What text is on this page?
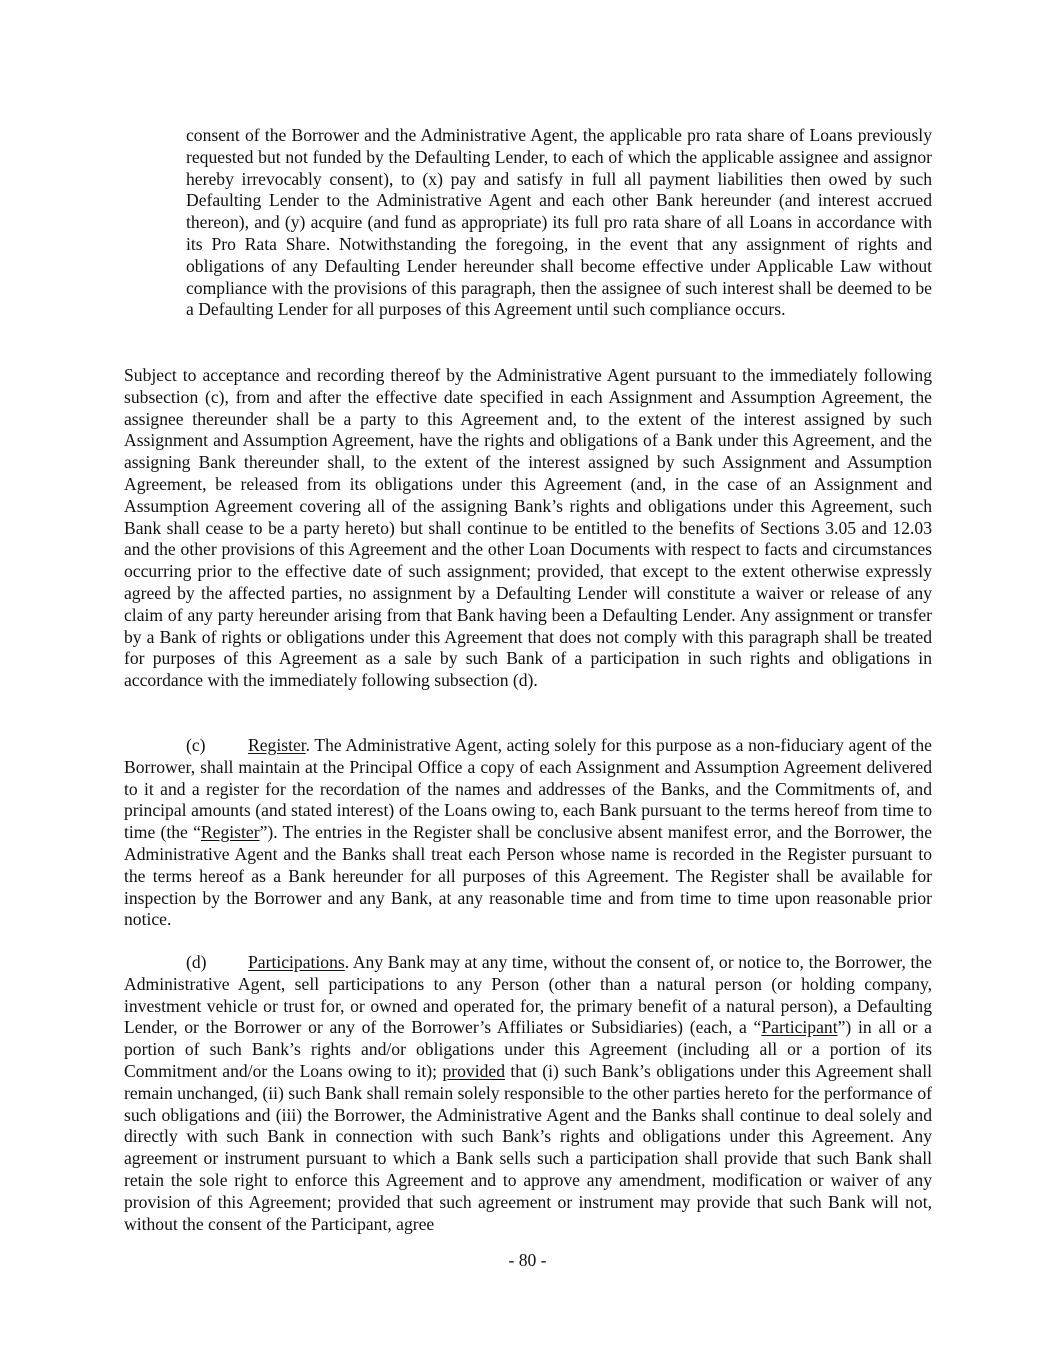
consent of the Borrower and the Administrative Agent, the applicable pro rata share of Loans previously requested but not funded by the Defaulting Lender, to each of which the applicable assignee and assignor hereby irrevocably consent), to (x) pay and satisfy in full all payment liabilities then owed by such Defaulting Lender to the Administrative Agent and each other Bank hereunder (and interest accrued thereon), and (y) acquire (and fund as appropriate) its full pro rata share of all Loans in accordance with its Pro Rata Share. Notwithstanding the foregoing, in the event that any assignment of rights and obligations of any Defaulting Lender hereunder shall become effective under Applicable Law without compliance with the provisions of this paragraph, then the assignee of such interest shall be deemed to be a Defaulting Lender for all purposes of this Agreement until such compliance occurs.

Subject to acceptance and recording thereof by the Administrative Agent pursuant to the immediately following subsection (c), from and after the effective date specified in each Assignment and Assumption Agreement, the assignee thereunder shall be a party to this Agreement and, to the extent of the interest assigned by such Assignment and Assumption Agreement, have the rights and obligations of a Bank under this Agreement, and the assigning Bank thereunder shall, to the extent of the interest assigned by such Assignment and Assumption Agreement, be released from its obligations under this Agreement (and, in the case of an Assignment and Assumption Agreement covering all of the assigning Bank’s rights and obligations under this Agreement, such Bank shall cease to be a party hereto) but shall continue to be entitled to the benefits of Sections 3.05 and 12.03 and the other provisions of this Agreement and the other Loan Documents with respect to facts and circumstances occurring prior to the effective date of such assignment; provided, that except to the extent otherwise expressly agreed by the affected parties, no assignment by a Defaulting Lender will constitute a waiver or release of any claim of any party hereunder arising from that Bank having been a Defaulting Lender. Any assignment or transfer by a Bank of rights or obligations under this Agreement that does not comply with this paragraph shall be treated for purposes of this Agreement as a sale by such Bank of a participation in such rights and obligations in accordance with the immediately following subsection (d).

(c) Register. The Administrative Agent, acting solely for this purpose as a non-fiduciary agent of the Borrower, shall maintain at the Principal Office a copy of each Assignment and Assumption Agreement delivered to it and a register for the recordation of the names and addresses of the Banks, and the Commitments of, and principal amounts (and stated interest) of the Loans owing to, each Bank pursuant to the terms hereof from time to time (the “Register”). The entries in the Register shall be conclusive absent manifest error, and the Borrower, the Administrative Agent and the Banks shall treat each Person whose name is recorded in the Register pursuant to the terms hereof as a Bank hereunder for all purposes of this Agreement. The Register shall be available for inspection by the Borrower and any Bank, at any reasonable time and from time to time upon reasonable prior notice.

(d) Participations. Any Bank may at any time, without the consent of, or notice to, the Borrower, the Administrative Agent, sell participations to any Person (other than a natural person (or holding company, investment vehicle or trust for, or owned and operated for, the primary benefit of a natural person), a Defaulting Lender, or the Borrower or any of the Borrower’s Affiliates or Subsidiaries) (each, a “Participant”) in all or a portion of such Bank’s rights and/or obligations under this Agreement (including all or a portion of its Commitment and/or the Loans owing to it); provided that (i) such Bank’s obligations under this Agreement shall remain unchanged, (ii) such Bank shall remain solely responsible to the other parties hereto for the performance of such obligations and (iii) the Borrower, the Administrative Agent and the Banks shall continue to deal solely and directly with such Bank in connection with such Bank’s rights and obligations under this Agreement. Any agreement or instrument pursuant to which a Bank sells such a participation shall provide that such Bank shall retain the sole right to enforce this Agreement and to approve any amendment, modification or waiver of any provision of this Agreement; provided that such agreement or instrument may provide that such Bank will not, without the consent of the Participant, agree

- 80 -
